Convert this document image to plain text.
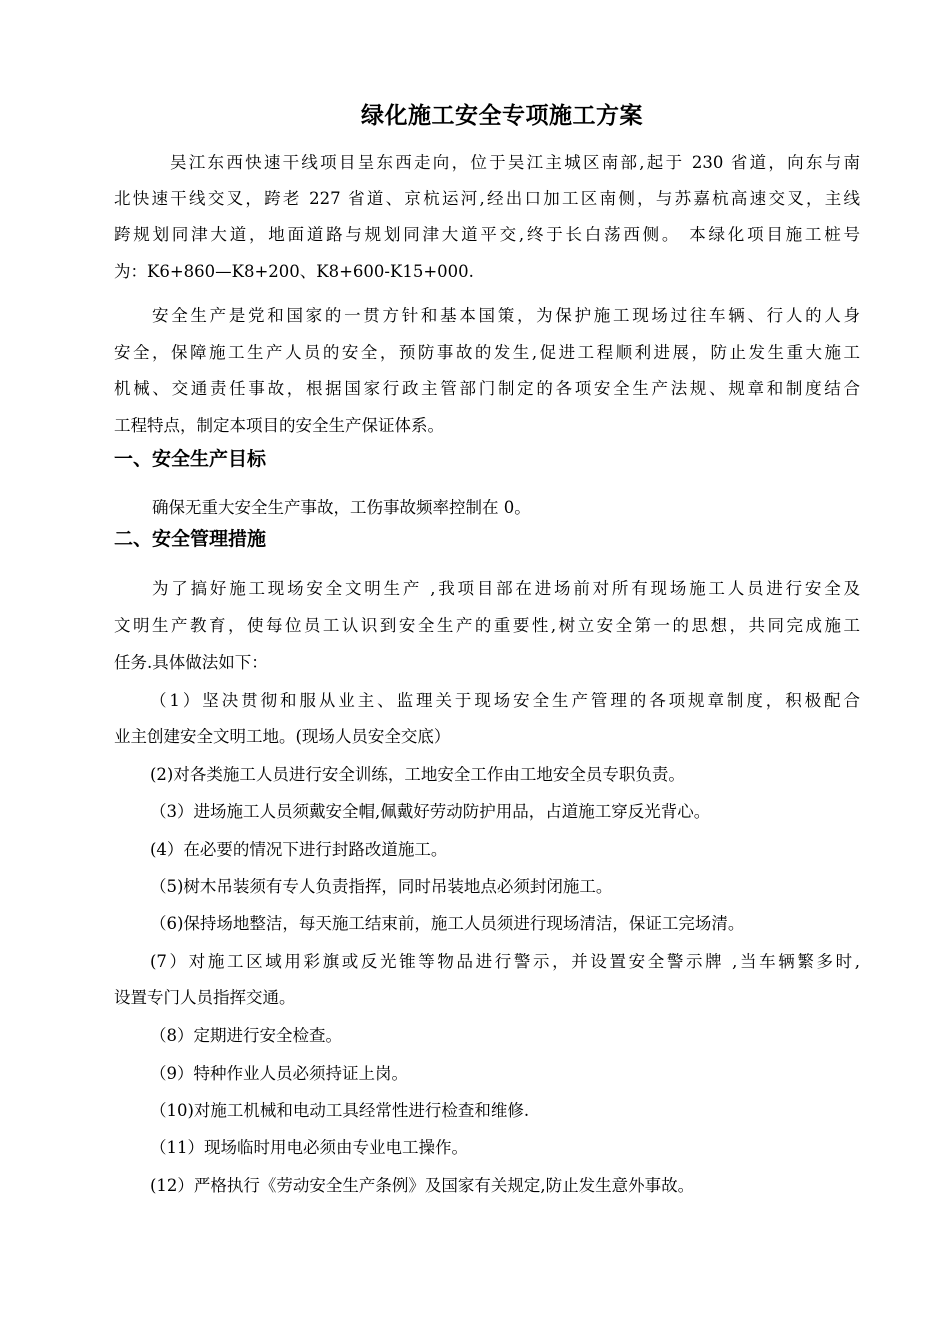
绿化施工安全专项施工方案
吴江东西快速干线项目呈东西走向，位于吴江主城区南部,起于 230 省道，向东与南
北快速干线交叉，跨老 227 省道、京杭运河,经出口加工区南侧，与苏嘉杭高速交叉，主线
跨规划同津大道，地面道路与规划同津大道平交,终于长白荡西侧。 本绿化项目施工桩号
为：K6+860—K8+200、K8+600-K15+000.
安全生产是党和国家的一贯方针和基本国策，为保护施工现场过往车辆、行人的人身
安全，保障施工生产人员的安全，预防事故的发生,促进工程顺利进展，防止发生重大施工
机械、交通责任事故，根据国家行政主管部门制定的各项安全生产法规、规章和制度结合
工程特点，制定本项目的安全生产保证体系。
一、安全生产目标
确保无重大安全生产事故，工伤事故频率控制在 0。
二、安全管理措施
为了搞好施工现场安全文明生产 ,我项目部在进场前对所有现场施工人员进行安全及
文明生产教育，使每位员工认识到安全生产的重要性,树立安全第一的思想，共同完成施工
任务.具体做法如下：
（1）坚决贯彻和服从业主、监理关于现场安全生产管理的各项规章制度，积极配合
业主创建安全文明工地。(现场人员安全交底）
(2)对各类施工人员进行安全训练，工地安全工作由工地安全员专职负责。
（3）进场施工人员须戴安全帽,佩戴好劳动防护用品，占道施工穿反光背心。
(4）在必要的情况下进行封路改道施工。
（5)树木吊装须有专人负责指挥，同时吊装地点必须封闭施工。
（6)保持场地整洁，每天施工结束前，施工人员须进行现场清洁，保证工完场清。
(7）对施工区域用彩旗或反光锥等物品进行警示，并设置安全警示牌 ,当车辆繁多时,
设置专门人员指挥交通。
（8）定期进行安全检查。
（9）特种作业人员必须持证上岗。
（10)对施工机械和电动工具经常性进行检查和维修.
（11）现场临时用电必须由专业电工操作。
(12）严格执行《劳动安全生产条例》及国家有关规定,防止发生意外事故。
